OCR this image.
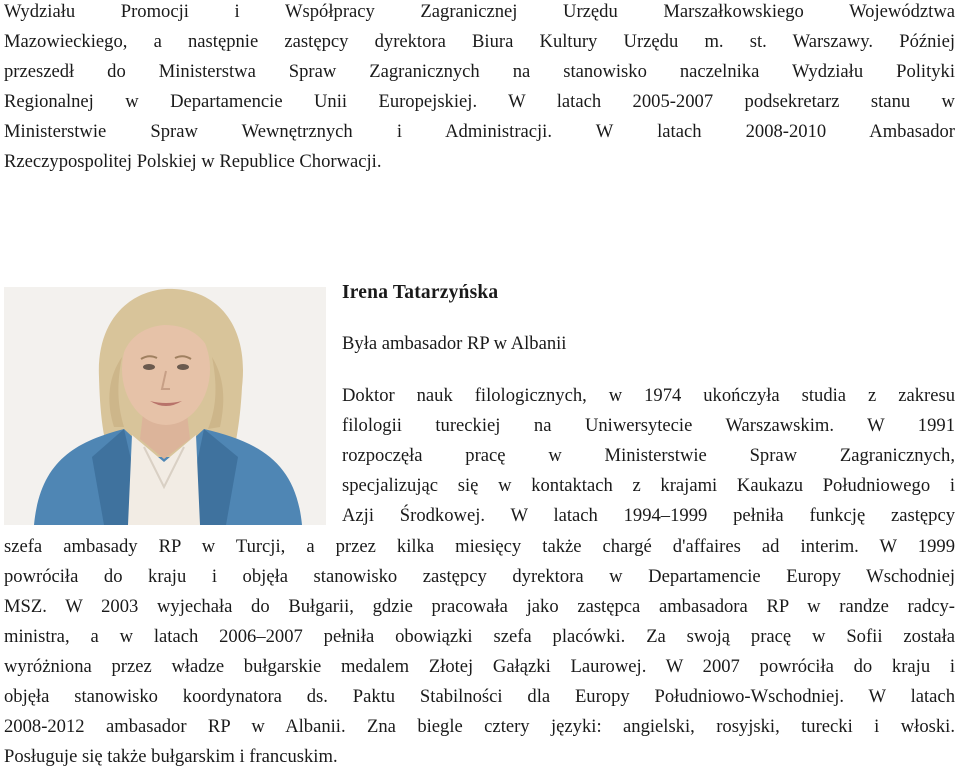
Wydziału Promocji i Współpracy Zagranicznej Urzędu Marszałkowskiego Województwa
Mazowieckiego, a następnie zastępcy dyrektora Biura Kultury Urzędu m. st. Warszawy. Później
przeszedł do Ministerstwa Spraw Zagranicznych na stanowisko naczelnika Wydziału Polityki
Regionalnej w Departamencie Unii Europejskiej. W latach 2005-2007 podsekretarz stanu w
Ministerstwie Spraw Wewnętrznych i Administracji. W latach 2008-2010 Ambasador
Rzeczypospolitej Polskiej w Republice Chorwacji.
Irena Tatarzyńska

Była ambasador RP w Albanii

Doktor nauk filologicznych, w 1974 ukończyła studia z zakresu
filologii tureckiej na Uniwersytecie Warszawskim. W 1991
rozpoczęła pracę w Ministerstwie Spraw Zagranicznych,
specjalizując się w kontaktach z krajami Kaukazu Południowego i
Azji Środkowej. W latach 1994–1999 pełniła funkcję zastępcy
szefa ambasady RP w Turcji, a przez kilka miesięcy także chargé d'affaires ad interim. W 1999
powróciła do kraju i objęła stanowisko zastępcy dyrektora w Departamencie Europy Wschodniej
MSZ. W 2003 wyjechała do Bułgarii, gdzie pracowała jako zastępca ambasadora RP w randze radcy-
ministra, a w latach 2006–2007 pełniła obowiązki szefa placówki. Za swoją pracę w Sofii została
wyróżniona przez władze bułgarskie medalem Złotej Gałązki Laurowej. W 2007 powróciła do kraju i
objęła stanowisko koordynatora ds. Paktu Stabilności dla Europy Południowo-Wschodniej. W latach
2008-2012 ambasador RP w Albanii. Zna biegle cztery języki: angielski, rosyjski, turecki i włoski.
Posługuje się także bułgarskim i francuskim.
